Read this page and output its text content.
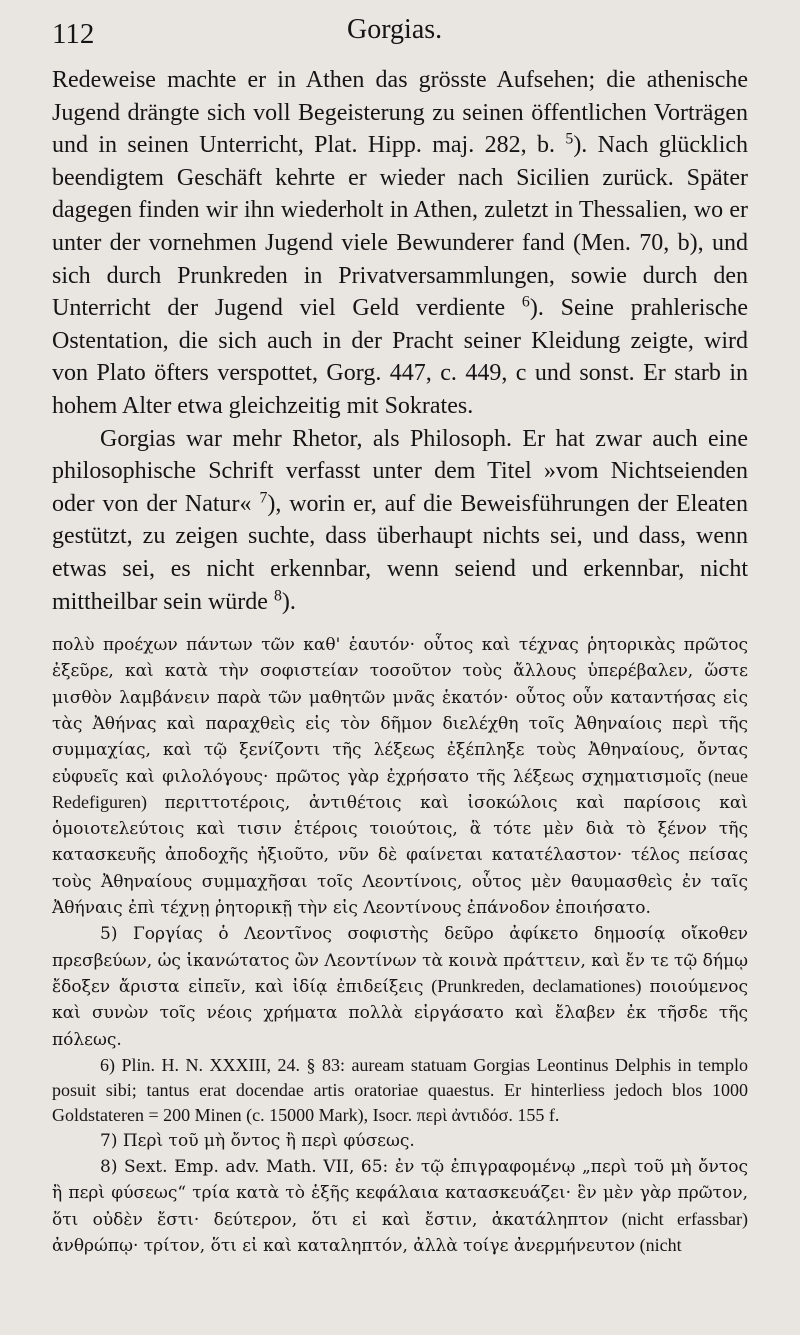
112	Gorgias.

Redeweise machte er in Athen das grösste Aufsehen; die athenische Jugend drängte sich voll Begeisterung zu seinen öffentlichen Vorträgen und in seinen Unterricht, Plat. Hipp. maj. 282, b. $^5$). Nach glücklich beendigtem Geschäft kehrte er wieder nach Sicilien zurück. Später dagegen finden wir ihn wiederholt in Athen, zuletzt in Thessalien, wo er unter der vornehmen Jugend viele Bewunderer fand (Men. 70, b), und sich durch Prunkreden in Privatversammlungen, sowie durch den Unterricht der Jugend viel Geld verdiente $^6$). Seine prahlerische Ostentation, die sich auch in der Pracht seiner Kleidung zeigte, wird von Plato öfters verspottet, Gorg. 447, c. 449, c und sonst. Er starb in hohem Alter etwa gleichzeitig mit Sokrates.

Gorgias war mehr Rhetor, als Philosoph. Er hat zwar auch eine philosophische Schrift verfasst unter dem Titel »vom Nichtseienden oder von der Natur« $^7$), worin er, auf die Beweisführungen der Eleaten gestützt, zu zeigen suchte, dass überhaupt nichts sei, und dass, wenn etwas sei, es nicht erkennbar, wenn seiend und erkennbar, nicht mittheilbar sein würde $^8$).

πολὺ προέχων πάντων τῶν καθ' ἑαυτόν· οὗτος καὶ τέχνας ῥητορικὰς πρῶτος ἐξεῦρε, καὶ κατὰ τὴν σοφιστείαν τοσοῦτον τοὺς ἄλλους ὑπερέβαλεν, ὥστε μισθὸν λαμβάνειν παρὰ τῶν μαθητῶν μνᾶς ἑκατόν· οὗτος οὖν καταντήσας εἰς τὰς Ἀθήνας καὶ παραχθεὶς εἰς τὸν δῆμον διελέχθη τοῖς Ἀθηναίοις περὶ τῆς συμμαχίας, καὶ τῷ ξενίζοντι τῆς λέξεως ἐξέπληξε τοὺς Ἀθηναίους, ὄντας εὐφυεῖς καὶ φιλολόγους· πρῶτος γὰρ ἐχρήσατο τῆς λέξεως σχηματισμοῖς (neue Redefiguren) περιττοτέροις, ἀντιθέτοις καὶ ἰσοκώλοις καὶ παρίσοις καὶ ὁμοιοτελεύτοις καὶ τισιν ἑτέροις τοιούτοις, ἃ τότε μὲν διὰ τὸ ξένον τῆς κατασκευῆς ἀποδοχῆς ἠξιοῦτο, νῦν δὲ φαίνεται κατατέλαστον· τέλος πείσας τοὺς Ἀθηναίους συμμαχῆσαι τοῖς Λεοντίνοις, οὗτος μὲν θαυμασθεὶς ἐν ταῖς Ἀθήναις ἐπὶ τέχνῃ ῥητορικῇ τὴν εἰς Λεοντίνους ἐπάνοδον ἐποιήσατο.

5) Γοργίας ὁ Λεοντῖνος σοφιστὴς δεῦρο ἀφίκετο δημοσίᾳ οἴκοθεν πρεσβεύων, ὡς ἱκανώτατος ὢν Λεοντίνων τὰ κοινὰ πράττειν, καὶ ἔν τε τῷ δήμῳ ἔδοξεν ἄριστα εἰπεῖν, καὶ ἰδίᾳ ἐπιδείξεις (Prunkreden, declamationes) ποιούμενος καὶ συνὼν τοῖς νέοις χρήματα πολλὰ εἰργάσατο καὶ ἔλαβεν ἐκ τῆσδε τῆς πόλεως.

6) Plin. H. N. XXXIII, 24. § 83: auream statuam Gorgias Leontinus Delphis in templo posuit sibi; tantus erat docendae artis oratoriae quaestus. Er hinterliess jedoch blos 1000 Goldstateren = 200 Minen (c. 15000 Mark), Isocr. περὶ ἀντιδόσ. 155 f.

7) Περὶ τοῦ μὴ ὄντος ἢ περὶ φύσεως.

8) Sext. Emp. adv. Math. VII, 65: ἐν τῷ ἐπιγραφομένῳ „περὶ τοῦ μὴ ὄντος ἢ περὶ φύσεως“ τρία κατὰ τὸ ἑξῆς κεφάλαια κατασκευάζει· ἓν μὲν γὰρ πρῶτον, ὅτι οὐδὲν ἔστι· δεύτερον, ὅτι εἰ καὶ ἔστιν, ἀκατάληπτον (nicht erfassbar) ἀνθρώπῳ· τρίτον, ὅτι εἰ καὶ καταληπτόν, ἀλλὰ τοίγε ἀνερμήνευτον (nicht
